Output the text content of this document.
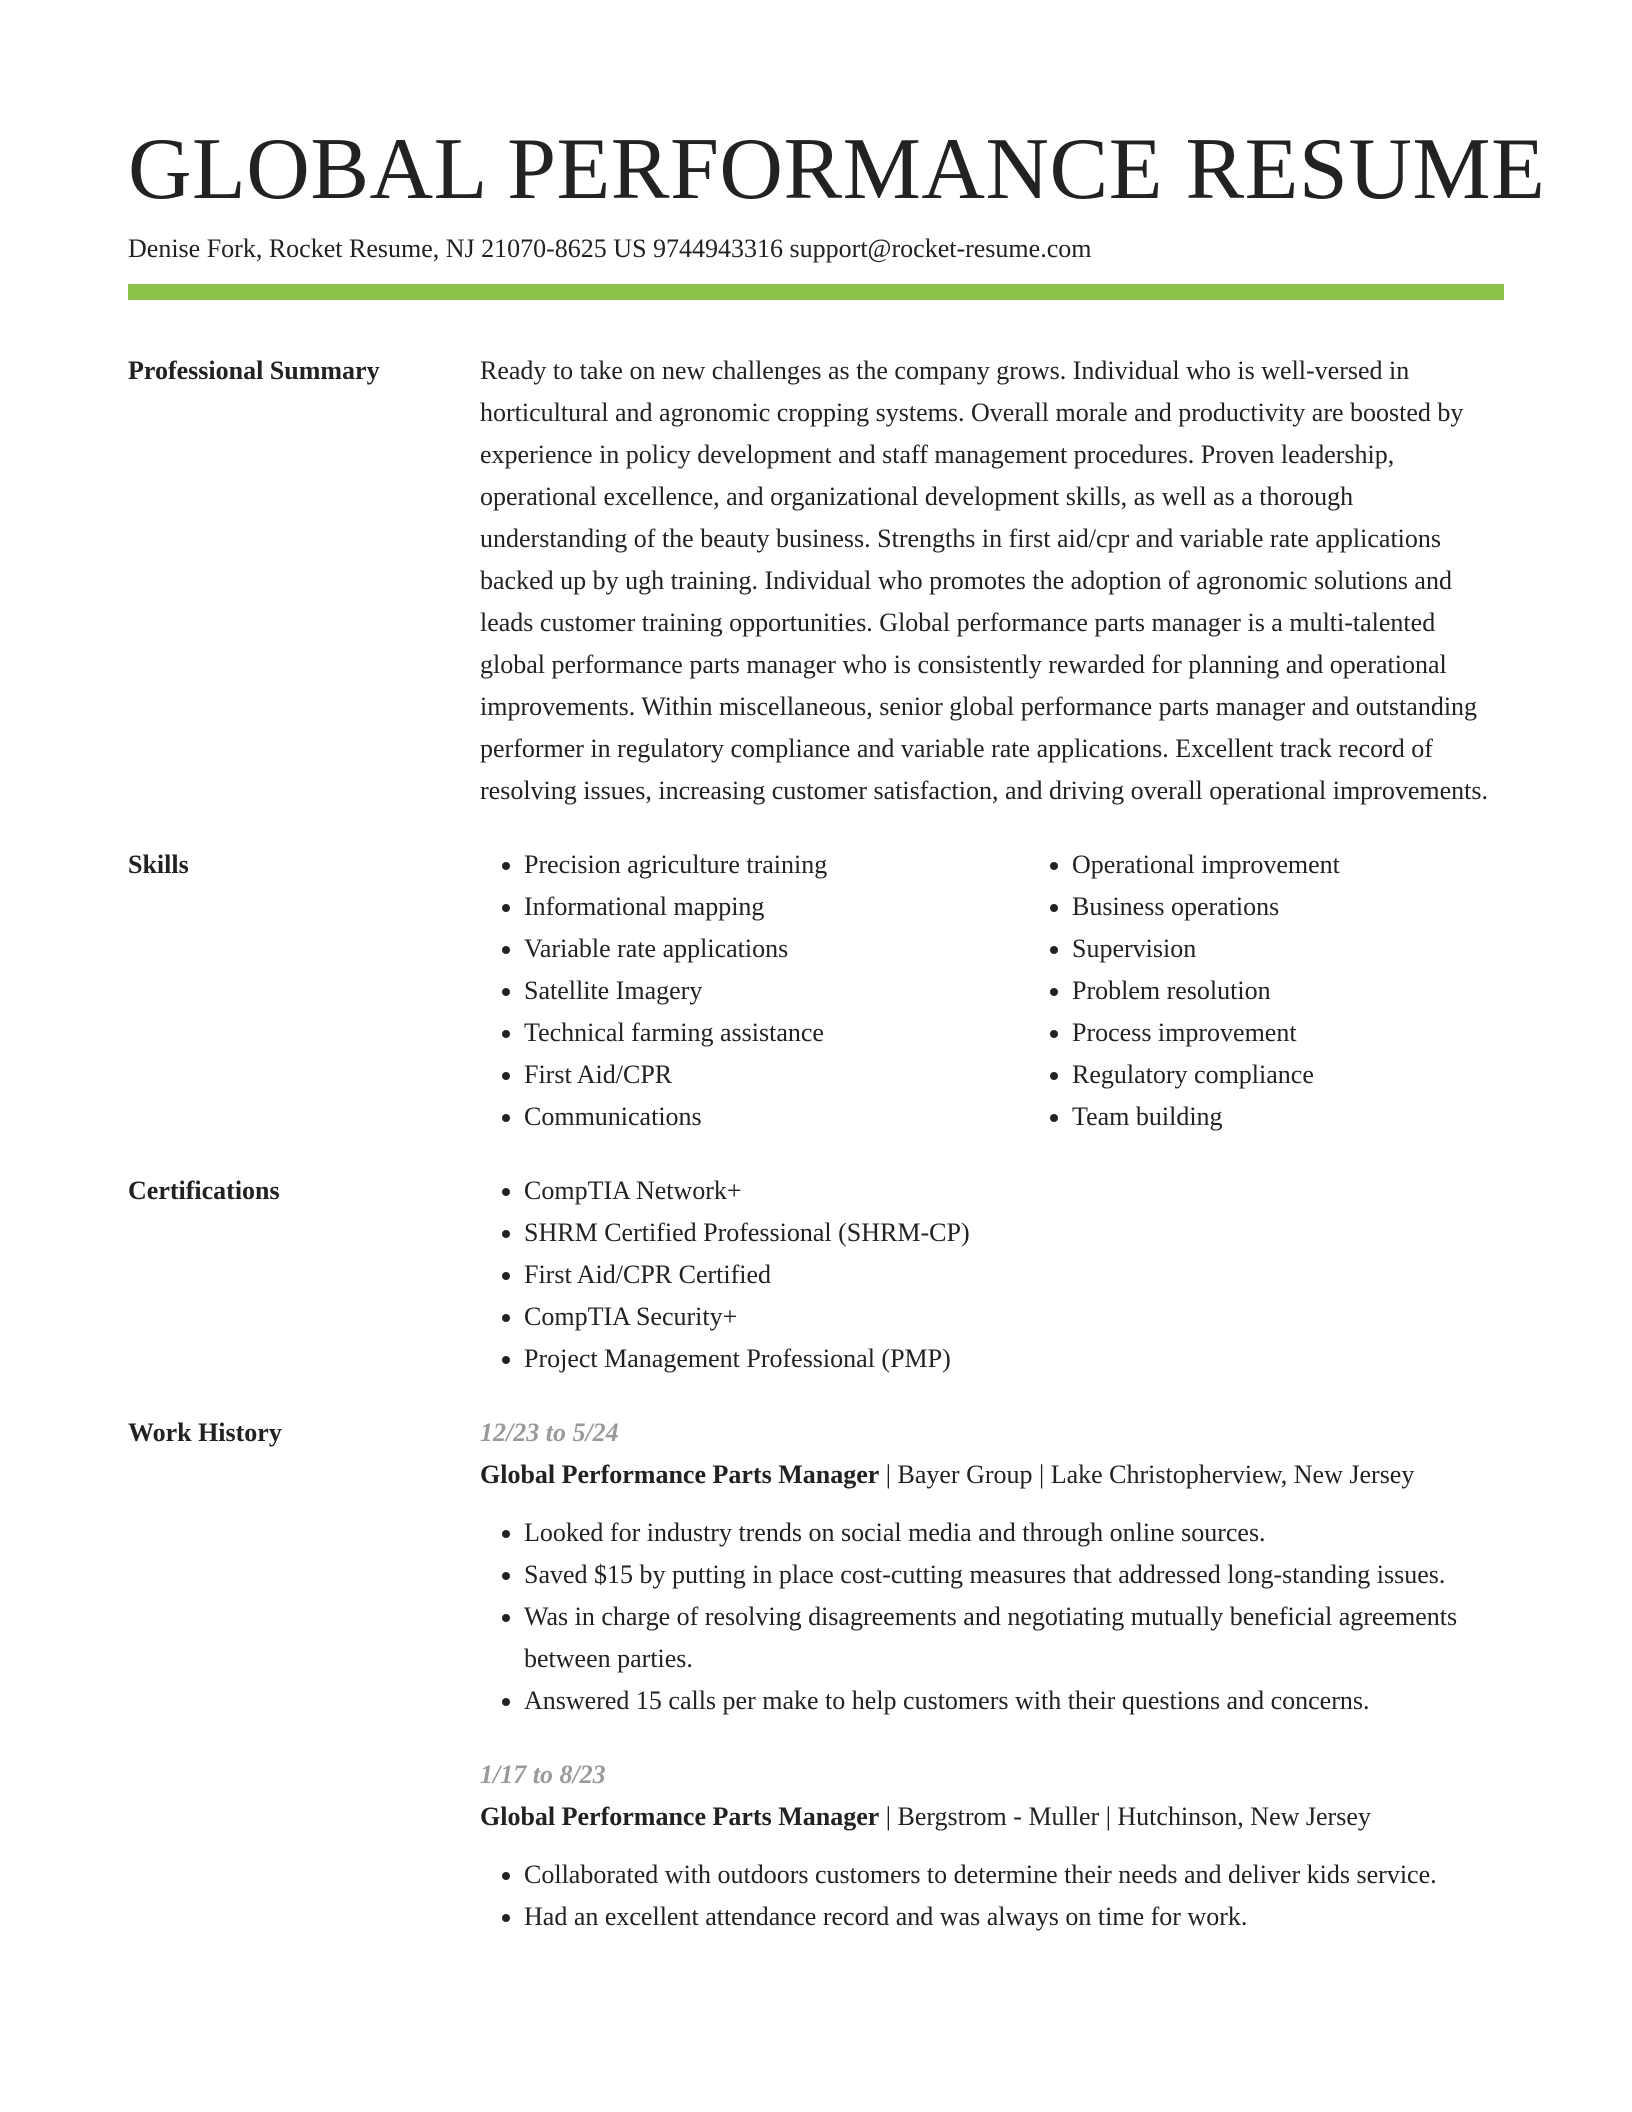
GLOBAL PERFORMANCE RESUME
Denise Fork, Rocket Resume, NJ 21070-8625 US 9744943316 support@rocket-resume.com
Professional Summary	Ready to take on new challenges as the company grows. Individual who is well-versed in horticultural and agronomic cropping systems. Overall morale and productivity are boosted by experience in policy development and staff management procedures. Proven leadership, operational excellence, and organizational development skills, as well as a thorough understanding of the beauty business. Strengths in first aid/cpr and variable rate applications backed up by ugh training. Individual who promotes the adoption of agronomic solutions and leads customer training opportunities. Global performance parts manager is a multi-talented global performance parts manager who is consistently rewarded for planning and operational improvements. Within miscellaneous, senior global performance parts manager and outstanding performer in regulatory compliance and variable rate applications. Excellent track record of resolving issues, increasing customer satisfaction, and driving overall operational improvements.

Skills	• Precision agriculture training
• Informational mapping
• Variable rate applications
• Satellite Imagery
• Technical farming assistance
• First Aid/CPR
• Communications
• Operational improvement
• Business operations
• Supervision
• Problem resolution
• Process improvement
• Regulatory compliance
• Team building
Certifications	• CompTIA Network+
• SHRM Certified Professional (SHRM-CP)
• First Aid/CPR Certified
• CompTIA Security+
• Project Management Professional (PMP)
Work History	12/23 to 5/24
Global Performance Parts Manager | Bayer Group | Lake Christopherview, New Jersey
• Looked for industry trends on social media and through online sources.
• Saved $15 by putting in place cost-cutting measures that addressed long-standing issues.
• Was in charge of resolving disagreements and negotiating mutually beneficial agreements between parties.
• Answered 15 calls per make to help customers with their questions and concerns.
1/17 to 8/23
Global Performance Parts Manager | Bergstrom - Muller | Hutchinson, New Jersey
• Collaborated with outdoors customers to determine their needs and deliver kids service.
• Had an excellent attendance record and was always on time for work.
